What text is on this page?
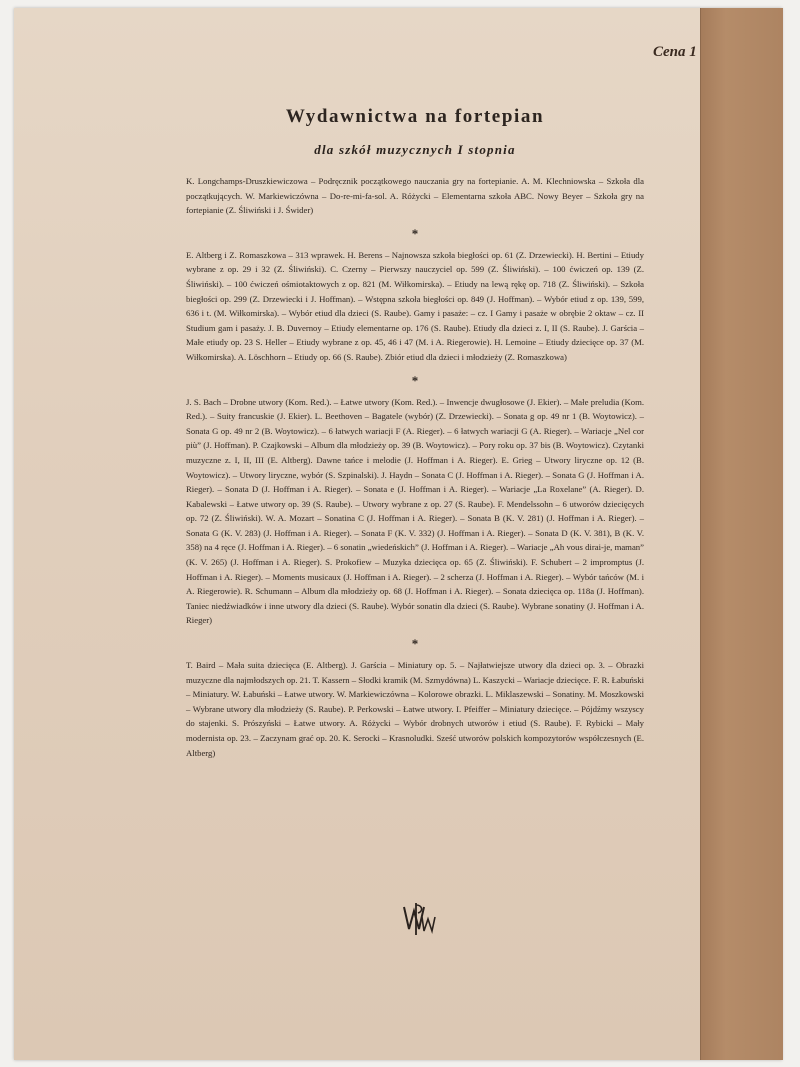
Cena 1
Wydawnictwa na fortepian
dla szkół muzycznych I stopnia

K. Longchamps-Druszkiewiczowa – Podręcznik początkowego nauczania gry na fortepianie. A. M. Klechniowska – Szkoła dla początkujących. W. Markiewiczówna – Do-re-mi-fa-sol. A. Różycki – Elementarna szkoła ABC. Nowy Beyer – Szkoła gry na fortepianie (Z. Śliwiński i J. Świder)

*

E. Altberg i Z. Romaszkowa – 313 wprawek. H. Berens – Najnowsza szkoła biegłości op. 61 (Z. Drzewiecki). H. Bertini – Etiudy wybrane z op. 29 i 32 (Z. Śliwiński). C. Czerny – Pierwszy nauczyciel op. 599 (Z. Śliwiński). – 100 ćwiczeń op. 139 (Z. Śliwiński). – 100 ćwiczeń ośmiotaktowych z op. 821 (M. Wiłkomirska). – Etiudy na lewą rękę op. 718 (Z. Śliwiński). – Szkoła biegłości op. 299 (Z. Drzewiecki i J. Hoffman). – Wstępna szkoła biegłości op. 849 (J. Hoffman). – Wybór etiud z op. 139, 599, 636 i t. (M. Wiłkomirska). – Wybór etiud dla dzieci (S. Raube). Gamy i pasaże: – cz. I Gamy i pasaże w obrębie 2 oktaw – cz. II Studium gam i pasaży. J. B. Duvernoy – Etiudy elementarne op. 176 (S. Raube). Etiudy dla dzieci z. I, II (S. Raube). J. Garścia – Małe etiudy op. 23 S. Heller – Etiudy wybrane z op. 45, 46 i 47 (M. i A. Riegerowie). H. Lemoine – Etiudy dziecięce op. 37 (M. Wiłkomirska). A. Löschhorn – Etiudy op. 66 (S. Raube). Zbiór etiud dla dzieci i młodzieży (Z. Romaszkowa)

*

J. S. Bach – Drobne utwory (Kom. Red.). – Łatwe utwory (Kom. Red.). – Inwencje dwugłosowe (J. Ekier). – Małe preludia (Kom. Red.). – Suity francuskie (J. Ekier). L. Beethoven – Bagatele (wybór) (Z. Drzewiecki). – Sonata g op. 49 nr 1 (B. Woytowicz). – Sonata G op. 49 nr 2 (B. Woytowicz). – 6 łatwych wariacji F (A. Rieger). – 6 łatwych wariacji G (A. Rieger). – Wariacje „Nel cor più” (J. Hoffman). P. Czajkowski – Album dla młodzieży op. 39 (B. Woytowicz). – Pory roku op. 37 bis (B. Woytowicz). Czytanki muzyczne z. I, II, III (E. Altberg). Dawne tańce i melodie (J. Hoffman i A. Rieger). E. Grieg – Utwory liryczne op. 12 (B. Woytowicz). – Utwory liryczne, wybór (S. Szpinalski). J. Haydn – Sonata C (J. Hoffman i A. Rieger). – Sonata G (J. Hoffman i A. Rieger). – Sonata D (J. Hoffman i A. Rieger). – Sonata e (J. Hoffman i A. Rieger). – Wariacje „La Roxelane” (A. Rieger). D. Kabalewski – Łatwe utwory op. 39 (S. Raube). – Utwory wybrane z op. 27 (S. Raube). F. Mendelssohn – 6 utworów dziecięcych op. 72 (Z. Śliwiński). W. A. Mozart – Sonatina C (J. Hoffman i A. Rieger). – Sonata B (K. V. 281) (J. Hoffman i A. Rieger). – Sonata G (K. V. 283) (J. Hoffman i A. Rieger). – Sonata F (K. V. 332) (J. Hoffman i A. Rieger). – Sonata D (K. V. 381), B (K. V. 358) na 4 ręce (J. Hoffman i A. Rieger). – 6 sonatin „wiedeńskich” (J. Hoffman i A. Rieger). – Wariacje „Ah vous dirai-je, maman” (K. V. 265) (J. Hoffman i A. Rieger). S. Prokofiew – Muzyka dziecięca op. 65 (Z. Śliwiński). F. Schubert – 2 impromptus (J. Hoffman i A. Rieger). – Moments musicaux (J. Hoffman i A. Rieger). – 2 scherza (J. Hoffman i A. Rieger). – Wybór tańców (M. i A. Riegerowie). R. Schumann – Album dla młodzieży op. 68 (J. Hoffman i A. Rieger). – Sonata dziecięca op. 118a (J. Hoffman). Taniec niedźwiadków i inne utwory dla dzieci (S. Raube). Wybór sonatin dla dzieci (S. Raube). Wybrane sonatiny (J. Hoffman i A. Rieger)

*

T. Baird – Mała suita dziecięca (E. Altberg). J. Garścia – Miniatury op. 5. – Najłatwiejsze utwory dla dzieci op. 3. – Obrazki muzyczne dla najmłodszych op. 21. T. Kassern – Słodki kramik (M. Szmydówna) L. Kaszycki – Wariacje dziecięce. F. R. Łabuński – Miniatury. W. Łabuński – Łatwe utwory. W. Markiewiczówna – Kolorowe obrazki. L. Miklaszewski – Sonatiny. M. Moszkowski – Wybrane utwory dla młodzieży (S. Raube). P. Perkowski – Łatwe utwory. I. Pfeiffer – Miniatury dziecięce. – Pójdźmy wszyscy do stajenki. S. Prószyński – Łatwe utwory. A. Różycki – Wybór drobnych utworów i etiud (S. Raube). F. Rybicki – Mały modernista op. 23. – Zaczynam grać op. 20. K. Serocki – Krasnoludki. Sześć utworów polskich kompozytorów współczesnych (E. Altberg)
